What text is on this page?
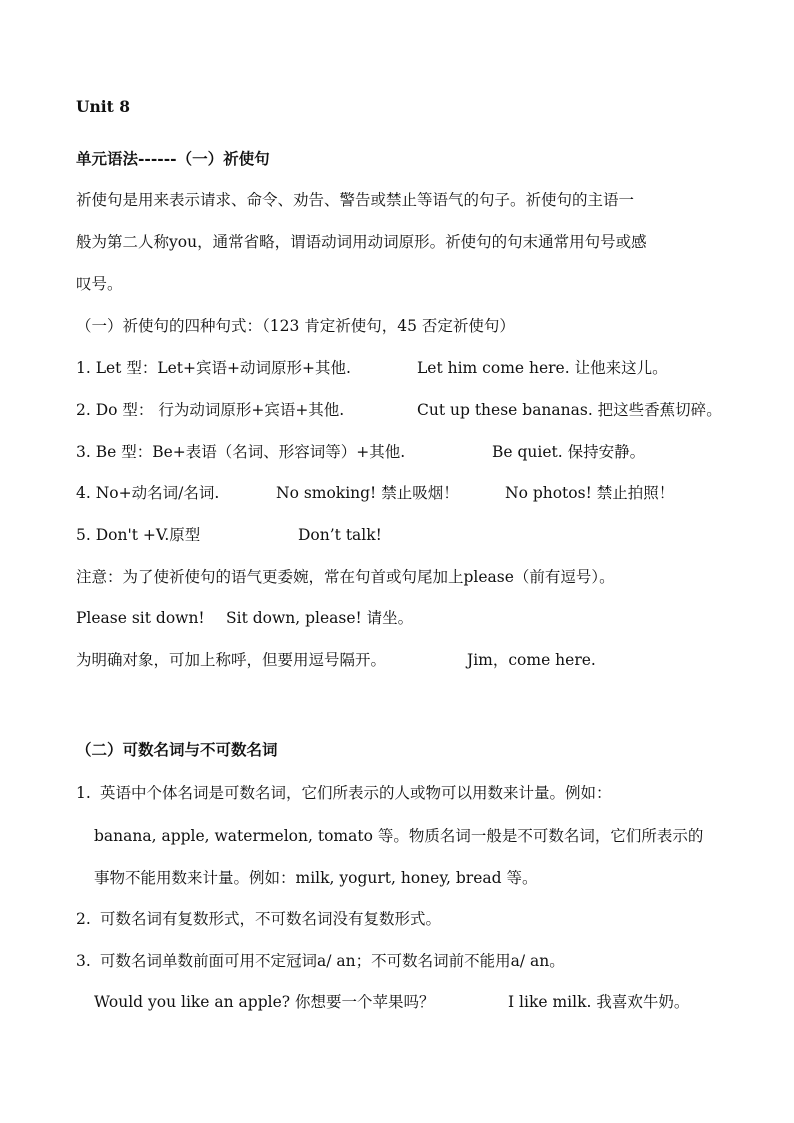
Unit 8
单元语法------（一）祈使句
祈使句是用来表示请求、命令、劝告、警告或禁止等语气的句子。祈使句的主语一
般为第二人称you，通常省略，谓语动词用动词原形。祈使句的句末通常用句号或感
叹号。
（一）祈使句的四种句式：（123 肯定祈使句，45 否定祈使句）
1. Let 型：Let+宾语+动词原形+其他.	Let him come here. 让他来这儿。
2. Do 型： 行为动词原形+宾语+其他.	Cut up these bananas. 把这些香蕉切碎。
3. Be 型：Be+表语（名词、形容词等）+其他.	Be quiet. 保持安静。
4. No+动名词/名词.	No smoking! 禁止吸烟！	No photos! 禁止拍照！
5. Don't +V.原型	Don’t talk!
注意：为了使祈使句的语气更委婉，常在句首或句尾加上please（前有逗号）。
Please sit down! Sit down, please! 请坐。
为明确对象，可加上称呼，但要用逗号隔开。	Jim，come here.
（二）可数名词与不可数名词
1. 英语中个体名词是可数名词，它们所表示的人或物可以用数来计量。例如：
banana, apple, watermelon, tomato 等。物质名词一般是不可数名词，它们所表示的
事物不能用数来计量。例如：milk, yogurt, honey, bread 等。
2. 可数名词有复数形式，不可数名词没有复数形式。
3. 可数名词单数前面可用不定冠词a/ an；不可数名词前不能用a/ an。
Would you like an apple? 你想要一个苹果吗？	I like milk. 我喜欢牛奶。
